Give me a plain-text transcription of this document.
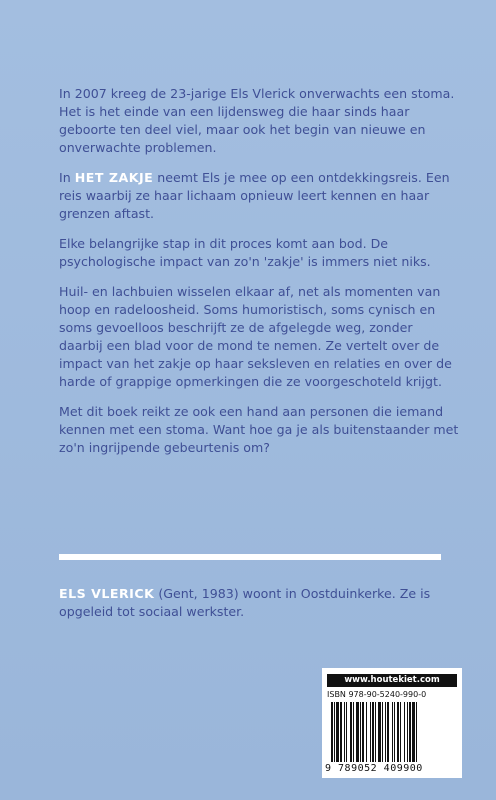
In 2007 kreeg de 23-jarige Els Vlerick onverwachts een stoma. Het is het einde van een lijdensweg die haar sinds haar geboorte ten deel viel, maar ook het begin van nieuwe en onverwachte problemen.

In HET ZAKJE neemt Els je mee op een ontdekkingsreis. Een reis waarbij ze haar lichaam opnieuw leert kennen en haar grenzen aftast.

Elke belangrijke stap in dit proces komt aan bod. De psychologische impact van zo'n 'zakje' is immers niet niks.

Huil- en lachbuien wisselen elkaar af, net als momenten van hoop en radeloosheid. Soms humoristisch, soms cynisch en soms gevoelloos beschrijft ze de afgelegde weg, zonder daarbij een blad voor de mond te nemen. Ze vertelt over de impact van het zakje op haar seksleven en relaties en over de harde of grappige opmerkingen die ze voorgeschoteld krijgt.

Met dit boek reikt ze ook een hand aan personen die iemand kennen met een stoma. Want hoe ga je als buitenstaander met zo'n ingrijpende gebeurtenis om?

ELS VLERICK (Gent, 1983) woont in Oostduinkerke. Ze is opgeleid tot sociaal werkster.
www.houtekiet.com
ISBN 978-90-5240-990-0
9 789052 409900
